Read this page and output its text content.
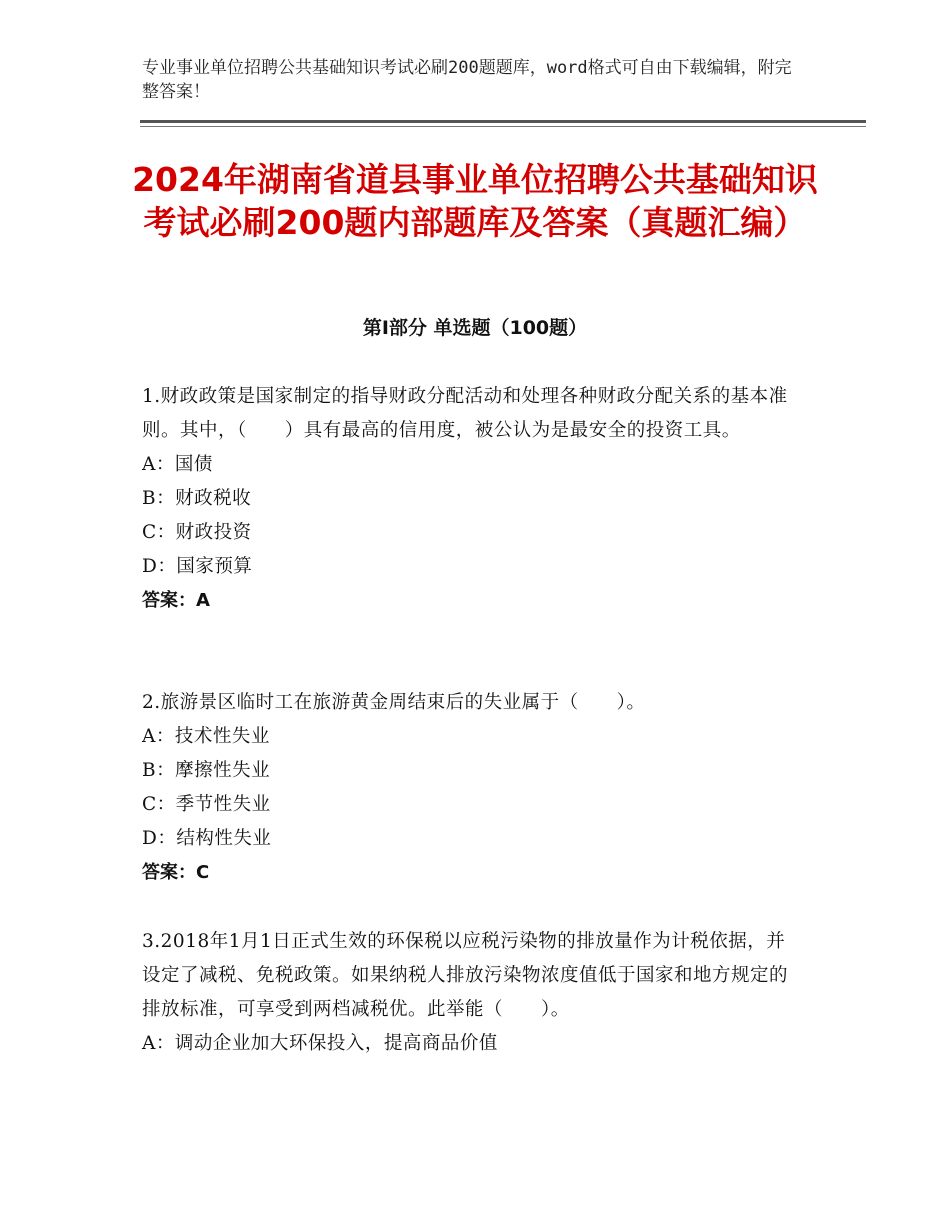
专业事业单位招聘公共基础知识考试必刷200题题库，word格式可自由下载编辑，附完整答案！
2024年湖南省道县事业单位招聘公共基础知识考试必刷200题内部题库及答案（真题汇编）
第Ⅰ部分 单选题（100题）

1.财政政策是国家制定的指导财政分配活动和处理各种财政分配关系的基本准则。其中，（　　）具有最高的信用度，被公认为是最安全的投资工具。

A：国债
B：财政税收
C：财政投资
D：国家预算
答案：A

2.旅游景区临时工在旅游黄金周结束后的失业属于（　　）。

A：技术性失业
B：摩擦性失业
C：季节性失业
D：结构性失业
答案：C

3.2018年1月1日正式生效的环保税以应税污染物的排放量作为计税依据，并设定了减税、免税政策。如果纳税人排放污染物浓度值低于国家和地方规定的排放标准，可享受到两档减税优。此举能（　　）。

A：调动企业加大环保投入，提高商品价值
